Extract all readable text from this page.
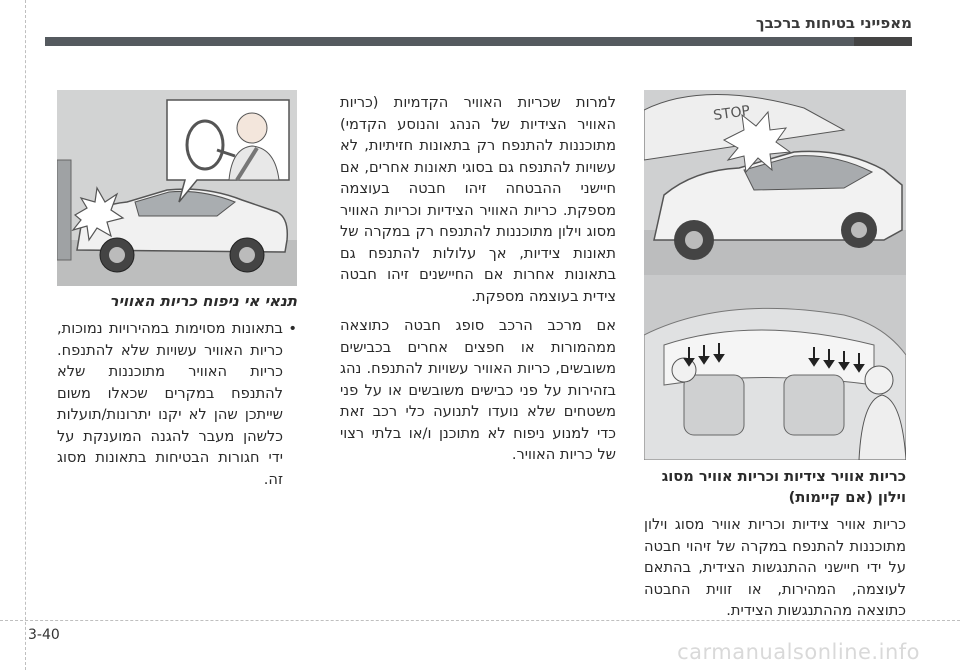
מאפייני בטיחות ברכבך
תנאי אי ניפוח כריות האוויר
• בתאונות מסוימות במהירויות נמוכות, כריות האוויר עשויות שלא להתנפח. כריות האוויר מתוכננות שלא להתנפח במקרים שכאלו משום שייתכן שהן לא יקנו יתרונות/תועלות כלשהן מעבר להגנה המוענקת על ידי חגורות הבטיחות בתאונות מסוג זה.

למרות שכריות האוויר הקדמיות (כריות האוויר הצידיות של הנהג והנוסע הקדמי) מתוכננות להתנפח רק בתאונות חזיתיות, לא עשויות להתנפח גם בסוגי תאונות אחרים, אם חיישני ההבטחה זיהו חבטה בעוצמה מספקת. כריות האוויר הצידיות וכריות האוויר מסוג וילון מתוכננות להתנפח רק במקרה של תאונות צידיות, אך עלולות להתנפח גם בתאונות אחרות אם החיישנים זיהו חבטה צידית בעוצמה מספקת.

אם מרכב הרכב סופג חבטה כתוצאה ממהמורות או חפצים אחרים בכבישים משובשים, כריות האוויר עשויות להתנפח. נהג בזהירות על פני כבישים משובשים או על פני משטחים שלא נועדו לתנועה כלי רכב זאת כדי למנוע ניפוח לא מתוכנן ו/או בלתי רצוי של כריות האוויר.

STOP
כריות אוויר צידיות וכריות אוויר מסוג וילון (אם קיימות)

כריות אוויר צידיות וכריות אוויר מסוג וילון מתוכננות להתנפח במקרה של זיהוי חבטה על ידי חיישני ההתנגשות הצידית, בהתאם לעוצמה, המהירות, או זווית החבטה כתוצאה מההתנגשות הצידית.

3-40
carmanualsonline.info
